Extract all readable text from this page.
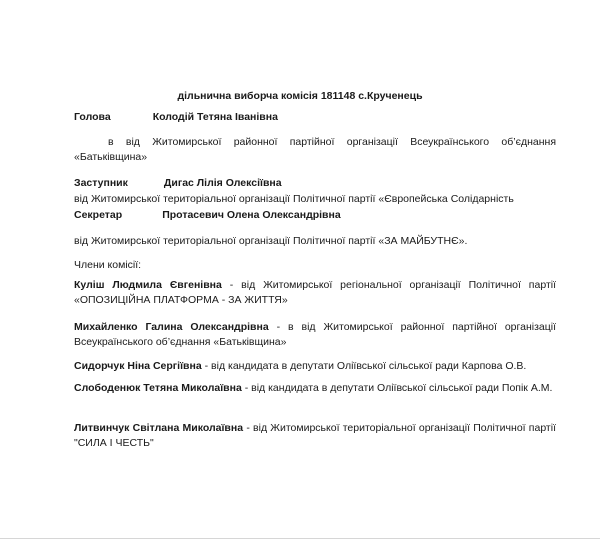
дільнична виборча комісія 181148 с.Крученець
Голова	Колодій Тетяна Іванівна
в від Житомирської районної партійної організації Всеукраїнського об’єднання «Батьківщина»
Заступник	Дигас Лілія Олексіївна
від Житомирської територіальної організації Політичної партії «Європейська Солідарність
Секретар	Протасевич Олена Олександрівна
від Житомирської територіальної організації Політичної партії «ЗА МАЙБУТНЄ».
Члени комісії:
Куліш Людмила Євгенівна - від Житомирської регіональної організації Політичної партії «ОПОЗИЦІЙНА ПЛАТФОРМА - ЗА ЖИТТЯ»
Михайленко Галина Олександрівна - в від Житомирської районної партійної організації Всеукраїнського об’єднання «Батьківщина»
Сидорчук Ніна Сергіївна - від кандидата в депутати Оліївської сільської ради Карпова О.В.
Слободенюк Тетяна Миколаївна - від кандидата в депутати Оліївської сільської ради Попік А.М.
Литвинчук Світлана Миколаївна - від Житомирської територіальної організації Політичної партії "СИЛА І ЧЕСТЬ"
